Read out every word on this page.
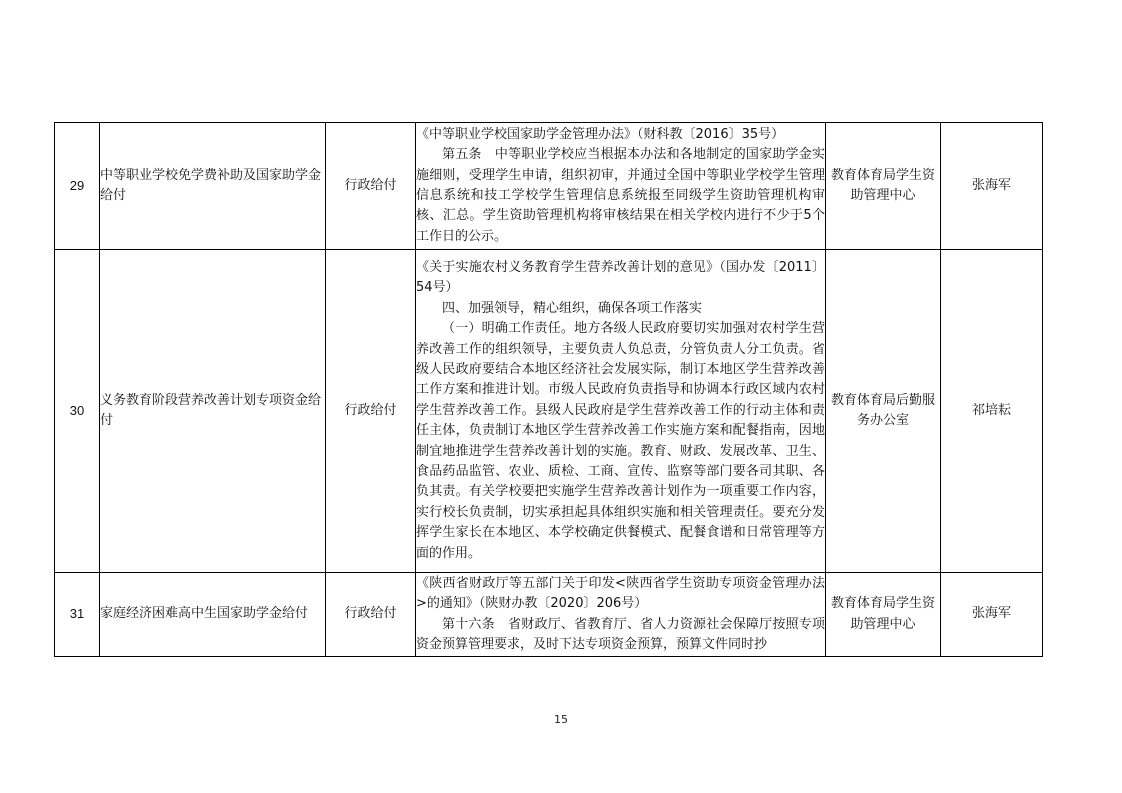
29	中等职业学校免学费补助及国家助学金给付	行政给付	《中等职业学校国家助学金管理办法》（财科教〔2016〕35号）

第五条　中等职业学校应当根据本办法和各地制定的国家助学金实施细则，受理学生申请，组织初审，并通过全国中等职业学校学生管理信息系统和技工学校学生管理信息系统报至同级学生资助管理机构审核、汇总。学生资助管理机构将审核结果在相关学校内进行不少于5个工作日的公示。	教育体育局学生资助管理中心	张海军
30	义务教育阶段营养改善计划专项资金给付	行政给付	《关于实施农村义务教育学生营养改善计划的意见》（国办发〔2011〕54号）

四、加强领导，精心组织，确保各项工作落实

（一）明确工作责任。地方各级人民政府要切实加强对农村学生营养改善工作的组织领导，主要负责人负总责，分管负责人分工负责。省级人民政府要结合本地区经济社会发展实际，制订本地区学生营养改善工作方案和推进计划。市级人民政府负责指导和协调本行政区域内农村学生营养改善工作。县级人民政府是学生营养改善工作的行动主体和责任主体，负责制订本地区学生营养改善工作实施方案和配餐指南，因地制宜地推进学生营养改善计划的实施。教育、财政、发展改革、卫生、食品药品监管、农业、质检、工商、宣传、监察等部门要各司其职、各负其责。有关学校要把实施学生营养改善计划作为一项重要工作内容，实行校长负责制，切实承担起具体组织实施和相关管理责任。要充分发挥学生家长在本地区、本学校确定供餐模式、配餐食谱和日常管理等方面的作用。	教育体育局后勤服务办公室	祁培耘
31	家庭经济困难高中生国家助学金给付	行政给付	《陕西省财政厅等五部门关于印发<陕西省学生资助专项资金管理办法>的通知》（陕财办教〔2020〕206号）

第十六条　省财政厅、省教育厅、省人力资源社会保障厅按照专项资金预算管理要求，及时下达专项资金预算，预算文件同时抄	教育体育局学生资助管理中心	张海军
15
